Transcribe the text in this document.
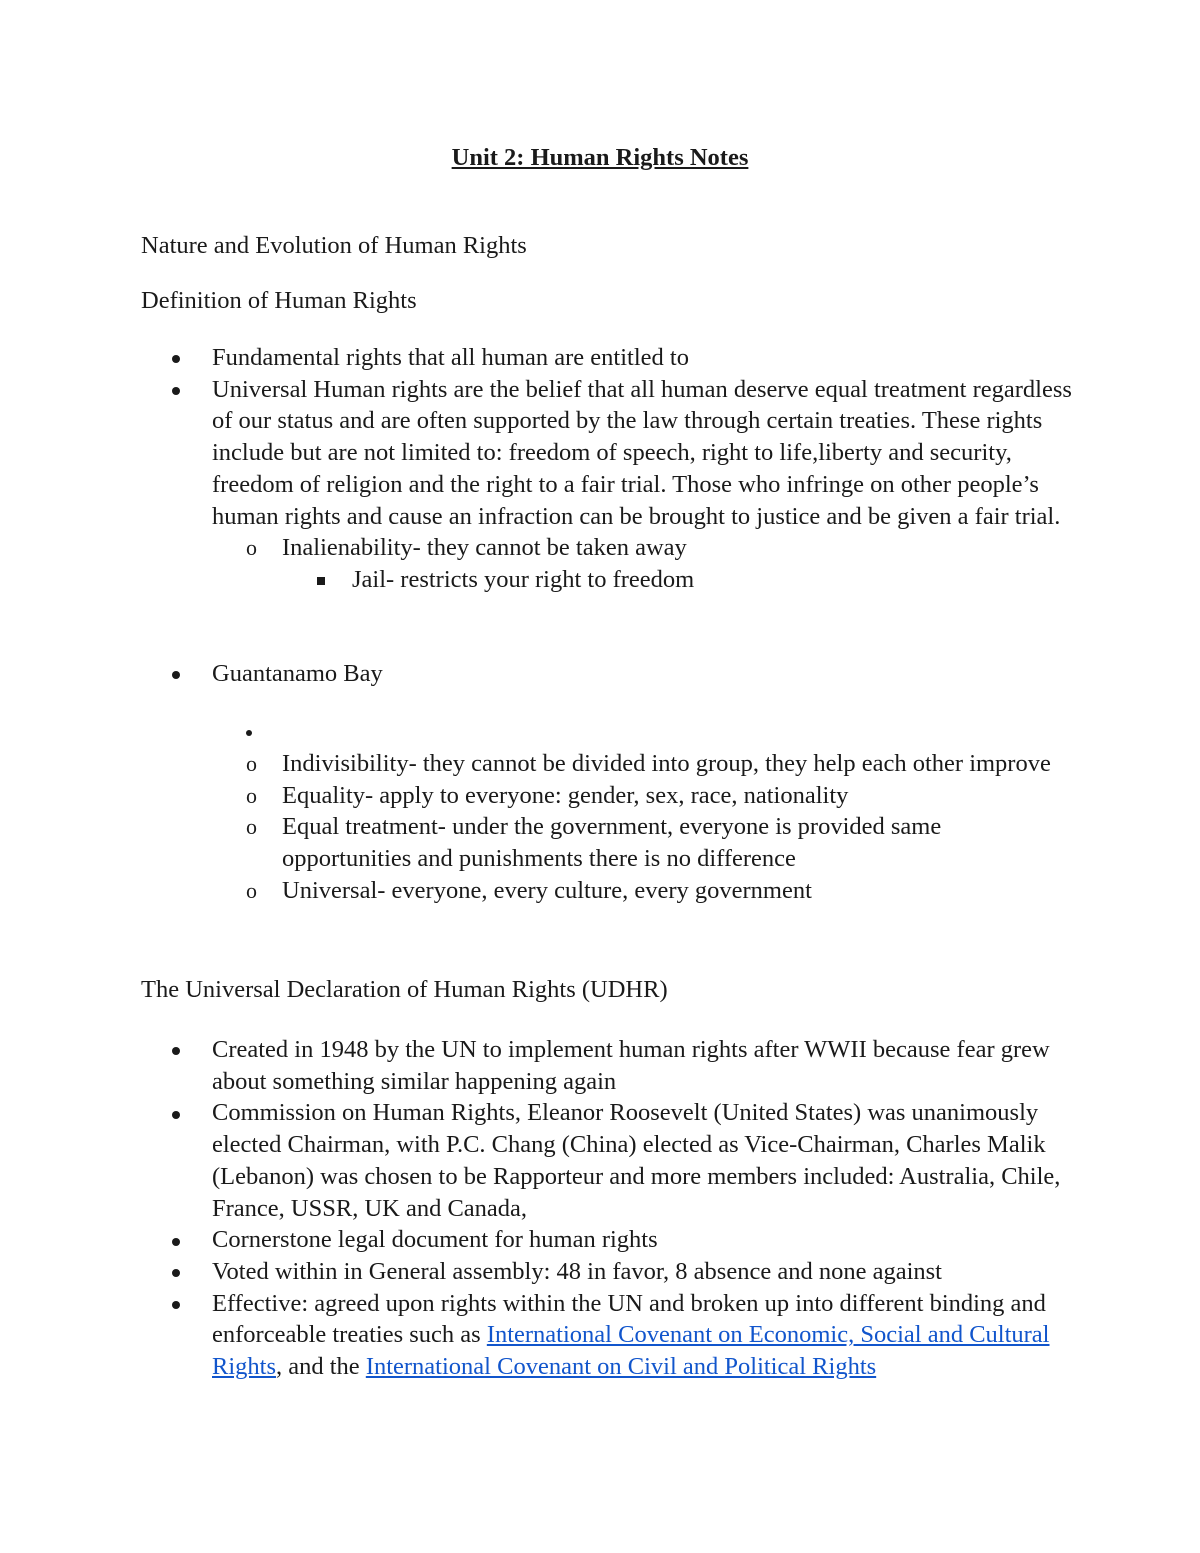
Unit 2: Human Rights Notes
Nature and Evolution of Human Rights
Definition of Human Rights
Fundamental rights that all human are entitled to
Universal Human rights are the belief that all human deserve equal treatment regardless of our status and are often supported by the law through certain treaties. These rights include but are not limited to: freedom of speech, right to life,liberty and security, freedom of religion and the right to a fair trial. Those who infringe on other people’s human rights and cause an infraction can be brought to justice and be given a fair trial.
o Inalienability- they cannot be taken away
Jail- restricts your right to freedom
Guantanamo Bay

o Indivisibility- they cannot be divided into group, they help each other improve
o Equality- apply to everyone: gender, sex, race, nationality
o Equal treatment- under the government, everyone is provided same opportunities and punishments there is no difference
o Universal- everyone, every culture, every government
The Universal Declaration of Human Rights (UDHR)
Created in 1948 by the UN to implement human rights after WWII because fear grew about something similar happening again
Commission on Human Rights, Eleanor Roosevelt (United States) was unanimously elected Chairman, with P.C. Chang (China) elected as Vice-Chairman, Charles Malik (Lebanon) was chosen to be Rapporteur and more members included: Australia, Chile, France, USSR, UK and Canada,
Cornerstone legal document for human rights
Voted within in General assembly: 48 in favor, 8 absence and none against
Effective: agreed upon rights within the UN and broken up into different binding and enforceable treaties such as International Covenant on Economic, Social and Cultural Rights, and the International Covenant on Civil and Political Rights
